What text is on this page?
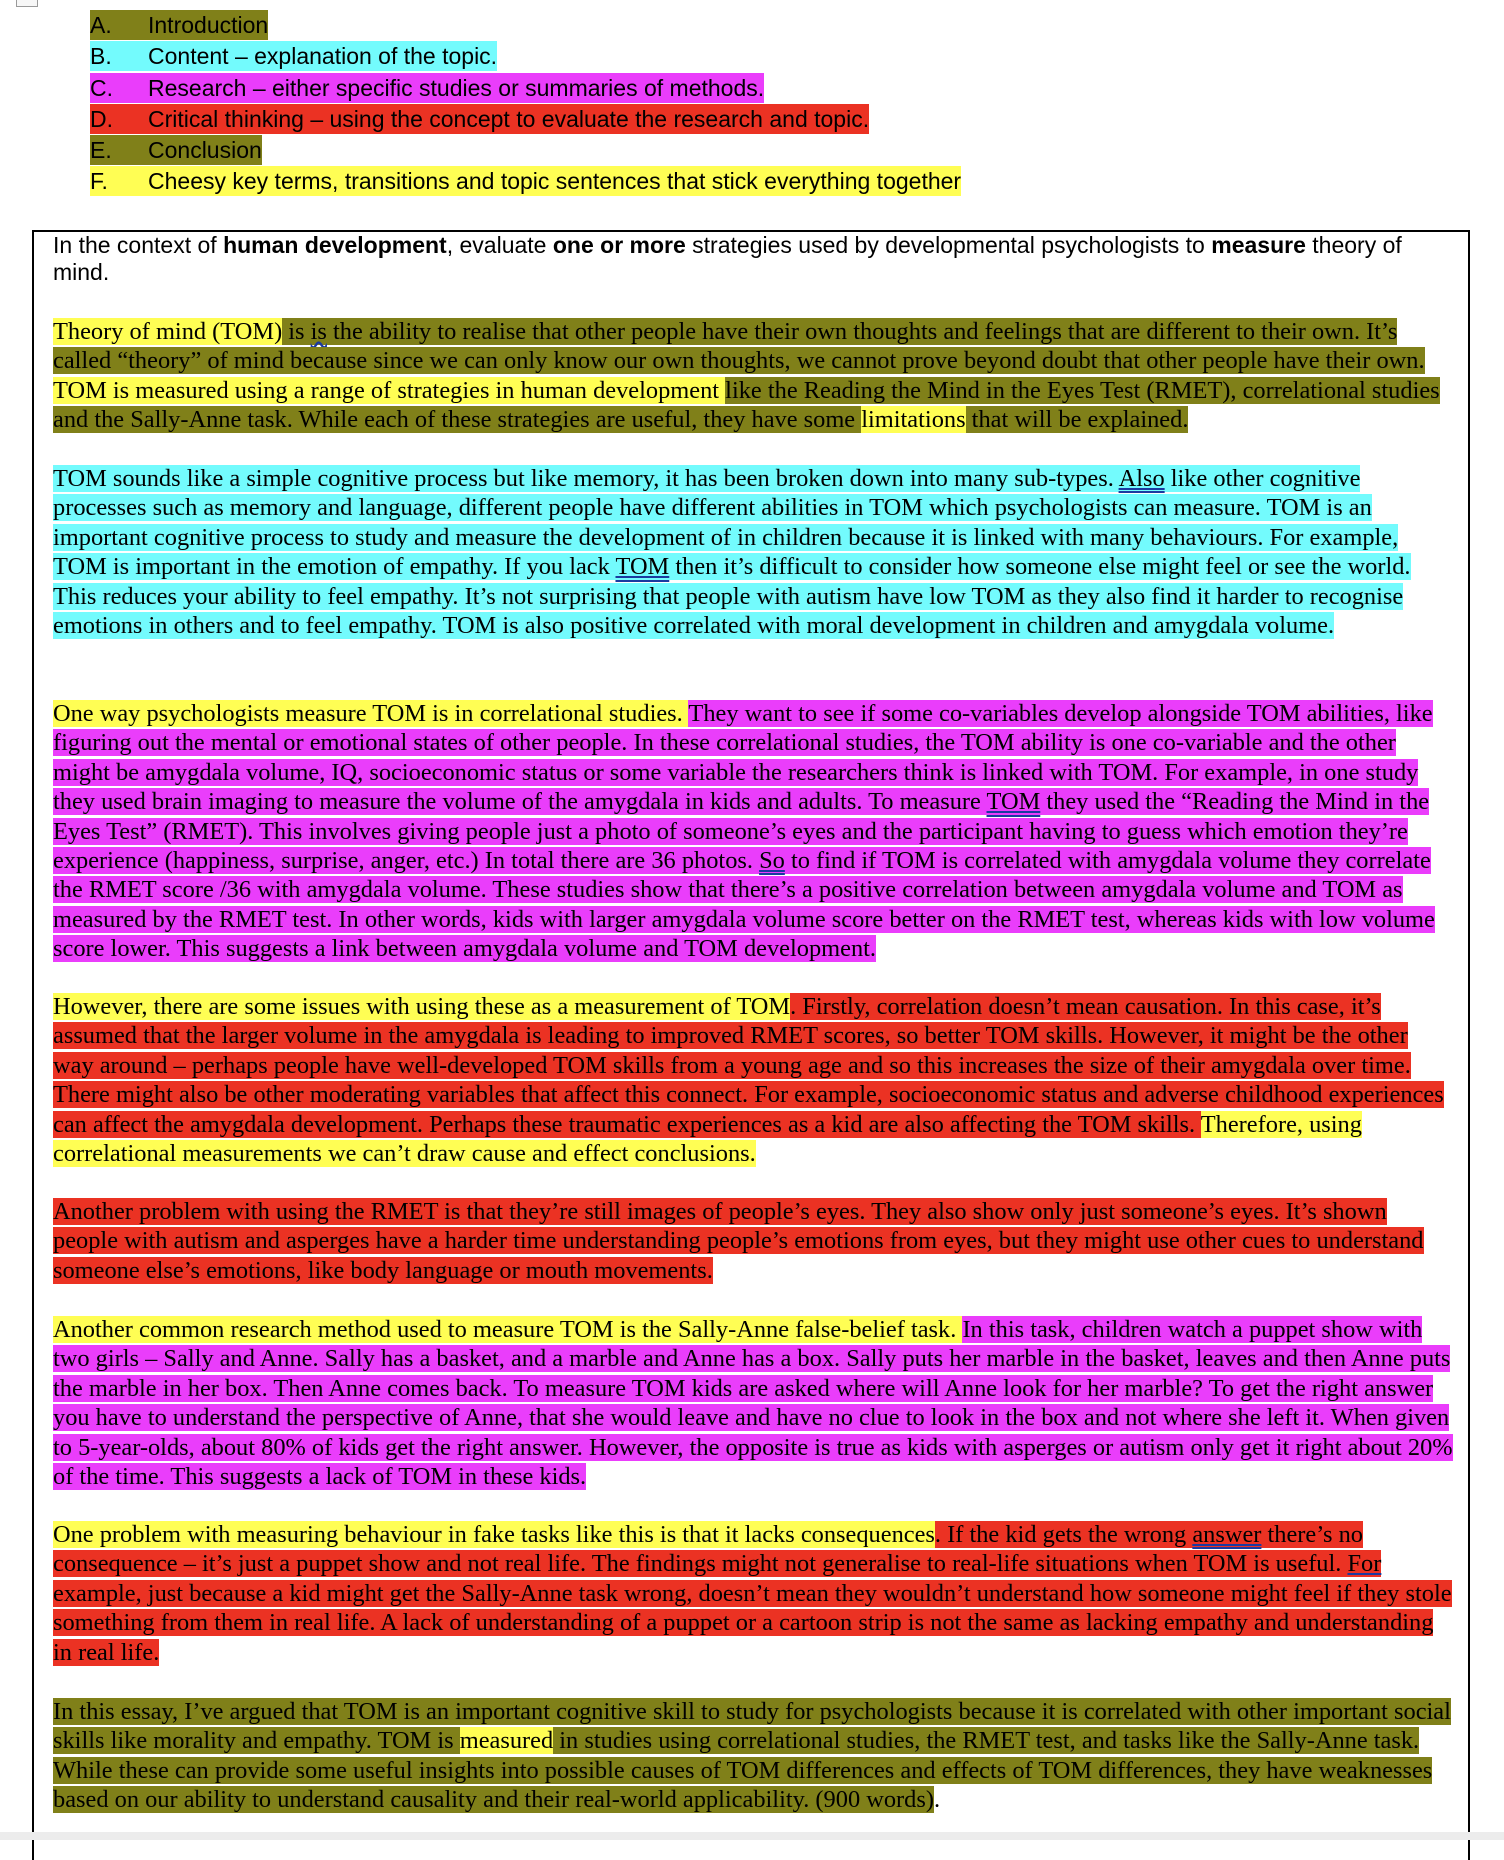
A. Introduction
B. Content – explanation of the topic.
C. Research – either specific studies or summaries of methods.
D. Critical thinking – using the concept to evaluate the research and topic.
E. Conclusion
F. Cheesy key terms, transitions and topic sentences that stick everything together

In the context of human development, evaluate one or more strategies used by developmental psychologists to measure theory of mind.

Theory of mind (TOM) is is the ability to realise that other people have their own thoughts and feelings that are different to their own. It’s called “theory” of mind because since we can only know our own thoughts, we cannot prove beyond doubt that other people have their own. TOM is measured using a range of strategies in human development like the Reading the Mind in the Eyes Test (RMET), correlational studies and the Sally-Anne task. While each of these strategies are useful, they have some limitations that will be explained.

TOM sounds like a simple cognitive process but like memory, it has been broken down into many sub-types. Also like other cognitive processes such as memory and language, different people have different abilities in TOM which psychologists can measure. TOM is an important cognitive process to study and measure the development of in children because it is linked with many behaviours. For example, TOM is important in the emotion of empathy. If you lack TOM then it’s difficult to consider how someone else might feel or see the world. This reduces your ability to feel empathy. It’s not surprising that people with autism have low TOM as they also find it harder to recognise emotions in others and to feel empathy. TOM is also positive correlated with moral development in children and amygdala volume.

One way psychologists measure TOM is in correlational studies. They want to see if some co-variables develop alongside TOM abilities, like figuring out the mental or emotional states of other people. In these correlational studies, the TOM ability is one co-variable and the other might be amygdala volume, IQ, socioeconomic status or some variable the researchers think is linked with TOM. For example, in one study they used brain imaging to measure the volume of the amygdala in kids and adults. To measure TOM they used the “Reading the Mind in the Eyes Test” (RMET). This involves giving people just a photo of someone’s eyes and the participant having to guess which emotion they’re experience (happiness, surprise, anger, etc.) In total there are 36 photos. So to find if TOM is correlated with amygdala volume they correlate the RMET score /36 with amygdala volume. These studies show that there’s a positive correlation between amygdala volume and TOM as measured by the RMET test. In other words, kids with larger amygdala volume score better on the RMET test, whereas kids with low volume score lower. This suggests a link between amygdala volume and TOM development.

However, there are some issues with using these as a measurement of TOM. Firstly, correlation doesn’t mean causation. In this case, it’s assumed that the larger volume in the amygdala is leading to improved RMET scores, so better TOM skills. However, it might be the other way around – perhaps people have well-developed TOM skills from a young age and so this increases the size of their amygdala over time. There might also be other moderating variables that affect this connect. For example, socioeconomic status and adverse childhood experiences can affect the amygdala development. Perhaps these traumatic experiences as a kid are also affecting the TOM skills. Therefore, using correlational measurements we can’t draw cause and effect conclusions.

Another problem with using the RMET is that they’re still images of people’s eyes. They also show only just someone’s eyes. It’s shown people with autism and asperges have a harder time understanding people’s emotions from eyes, but they might use other cues to understand someone else’s emotions, like body language or mouth movements.

Another common research method used to measure TOM is the Sally-Anne false-belief task. In this task, children watch a puppet show with two girls – Sally and Anne. Sally has a basket, and a marble and Anne has a box. Sally puts her marble in the basket, leaves and then Anne puts the marble in her box. Then Anne comes back. To measure TOM kids are asked where will Anne look for her marble? To get the right answer you have to understand the perspective of Anne, that she would leave and have no clue to look in the box and not where she left it. When given to 5-year-olds, about 80% of kids get the right answer. However, the opposite is true as kids with asperges or autism only get it right about 20% of the time. This suggests a lack of TOM in these kids.

One problem with measuring behaviour in fake tasks like this is that it lacks consequences. If the kid gets the wrong answer there’s no consequence – it’s just a puppet show and not real life. The findings might not generalise to real-life situations when TOM is useful. For example, just because a kid might get the Sally-Anne task wrong, doesn’t mean they wouldn’t understand how someone might feel if they stole something from them in real life. A lack of understanding of a puppet or a cartoon strip is not the same as lacking empathy and understanding in real life.

In this essay, I’ve argued that TOM is an important cognitive skill to study for psychologists because it is correlated with other important social skills like morality and empathy. TOM is measured in studies using correlational studies, the RMET test, and tasks like the Sally-Anne task. While these can provide some useful insights into possible causes of TOM differences and effects of TOM differences, they have weaknesses based on our ability to understand causality and their real-world applicability. (900 words).
